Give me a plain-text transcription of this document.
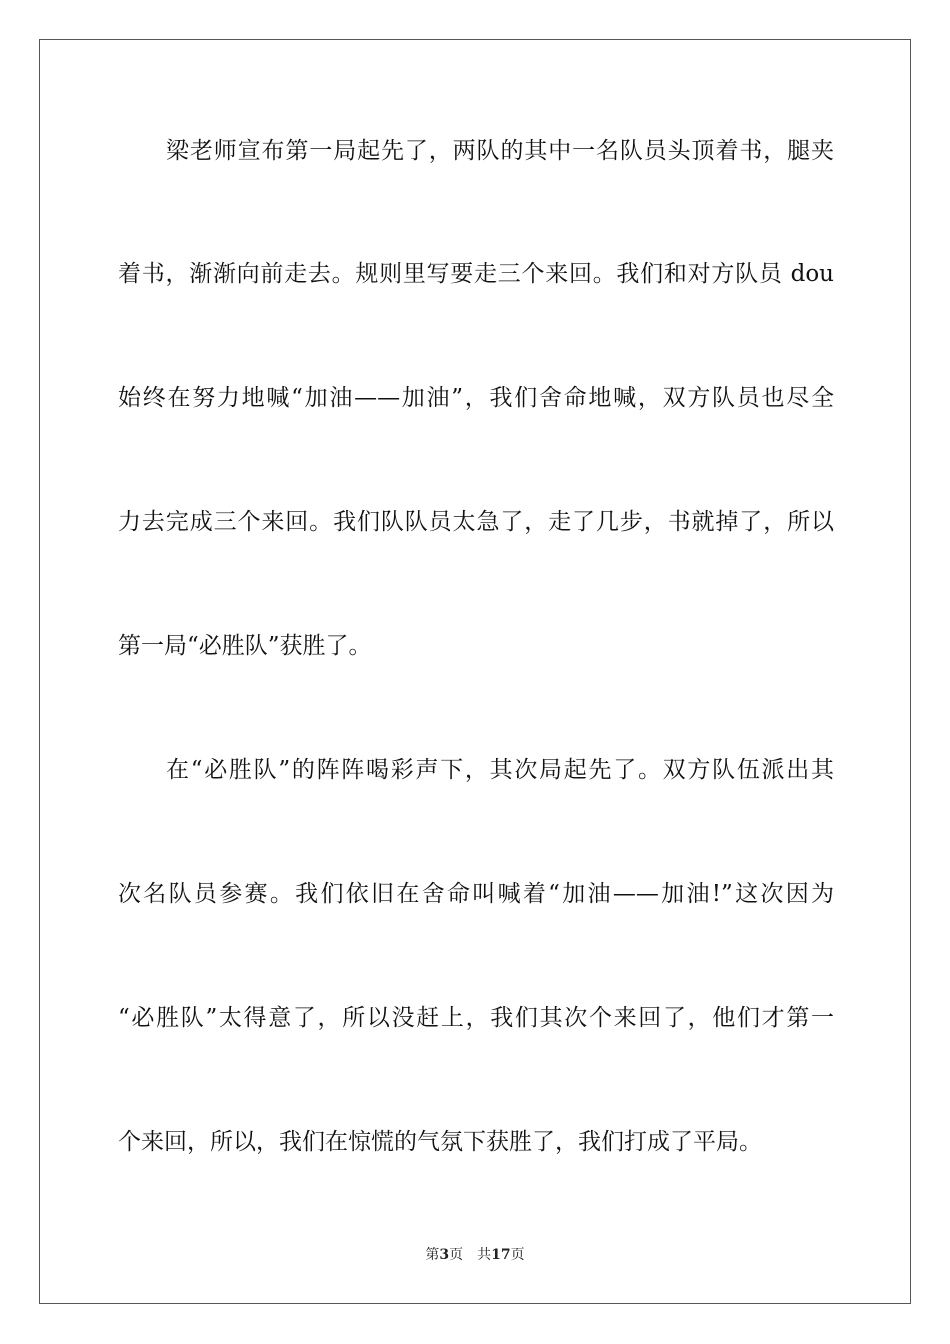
梁老师宣布第一局起先了，两队的其中一名队员头顶着书，腿夹

着书，渐渐向前走去。规则里写要走三个来回。我们和对方队员 dou

始终在努力地喊“加油——加油”，我们舍命地喊，双方队员也尽全

力去完成三个来回。我们队队员太急了，走了几步，书就掉了，所以

第一局“必胜队”获胜了。

在“必胜队”的阵阵喝彩声下，其次局起先了。双方队伍派出其

次名队员参赛。我们依旧在舍命叫喊着“加油——加油!”这次因为

“必胜队”太得意了，所以没赶上，我们其次个来回了，他们才第一

个来回，所以，我们在惊慌的气氛下获胜了，我们打成了平局。

第3页 共17页
